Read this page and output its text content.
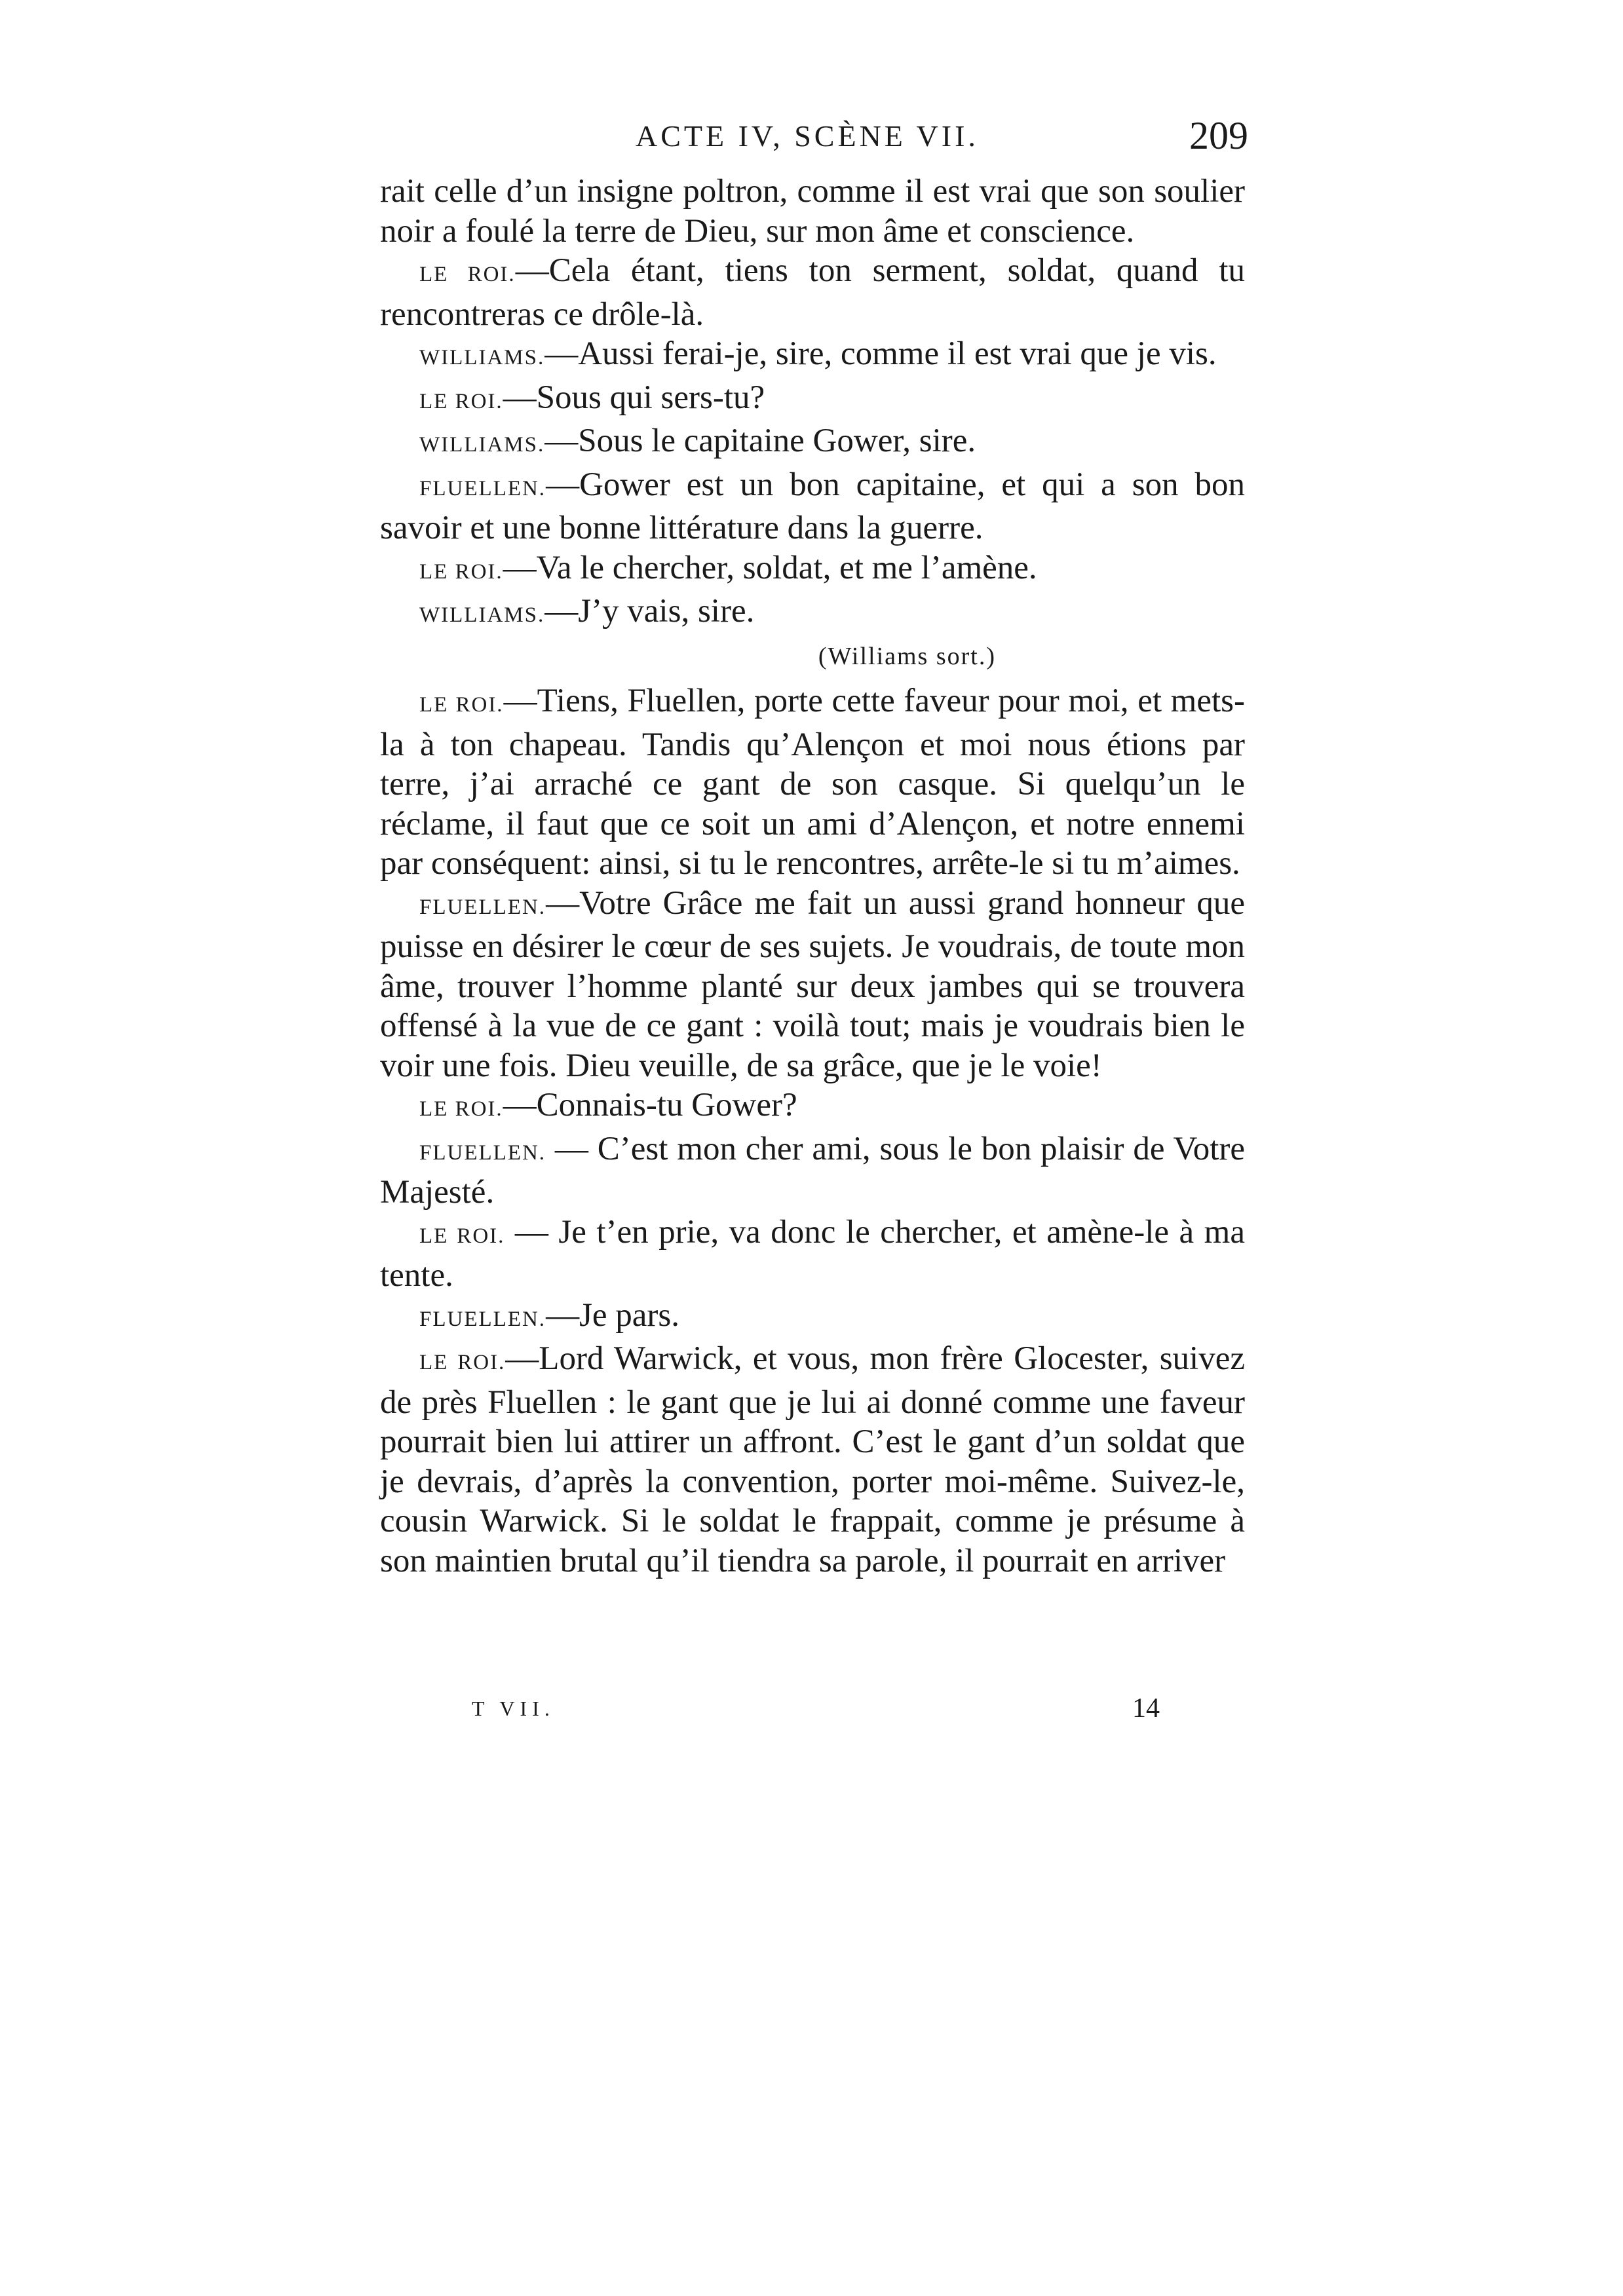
ACTE IV, SCÈNE VII.	209

rait celle d’un insigne poltron, comme il est vrai que son soulier noir a foulé la terre de Dieu, sur mon âme et conscience.

LE ROI.—Cela étant, tiens ton serment, soldat, quand tu rencontreras ce drôle-là.

WILLIAMS.—Aussi ferai-je, sire, comme il est vrai que je vis.

LE ROI.—Sous qui sers-tu?

WILLIAMS.—Sous le capitaine Gower, sire.

FLUELLEN.—Gower est un bon capitaine, et qui a son bon savoir et une bonne littérature dans la guerre.

LE ROI.—Va le chercher, soldat, et me l’amène.

WILLIAMS.—J’y vais, sire.

(Williams sort.)

LE ROI.—Tiens, Fluellen, porte cette faveur pour moi, et mets-la à ton chapeau. Tandis qu’Alençon et moi nous étions par terre, j’ai arraché ce gant de son casque. Si quelqu’un le réclame, il faut que ce soit un ami d’Alençon, et notre ennemi par conséquent: ainsi, si tu le rencontres, arrête-le si tu m’aimes.

FLUELLEN.—Votre Grâce me fait un aussi grand honneur que puisse en désirer le cœur de ses sujets. Je voudrais, de toute mon âme, trouver l’homme planté sur deux jambes qui se trouvera offensé à la vue de ce gant : voilà tout; mais je voudrais bien le voir une fois. Dieu veuille, de sa grâce, que je le voie!

LE ROI.—Connais-tu Gower?

FLUELLEN. — C’est mon cher ami, sous le bon plaisir de Votre Majesté.

LE ROI. — Je t’en prie, va donc le chercher, et amène-le à ma tente.

FLUELLEN.—Je pars.

LE ROI.—Lord Warwick, et vous, mon frère Glocester, suivez de près Fluellen : le gant que je lui ai donné comme une faveur pourrait bien lui attirer un affront. C’est le gant d’un soldat que je devrais, d’après la convention, porter moi-même. Suivez-le, cousin Warwick. Si le soldat le frappait, comme je présume à son maintien brutal qu’il tiendra sa parole, il pourrait en arriver

T VII.	14
